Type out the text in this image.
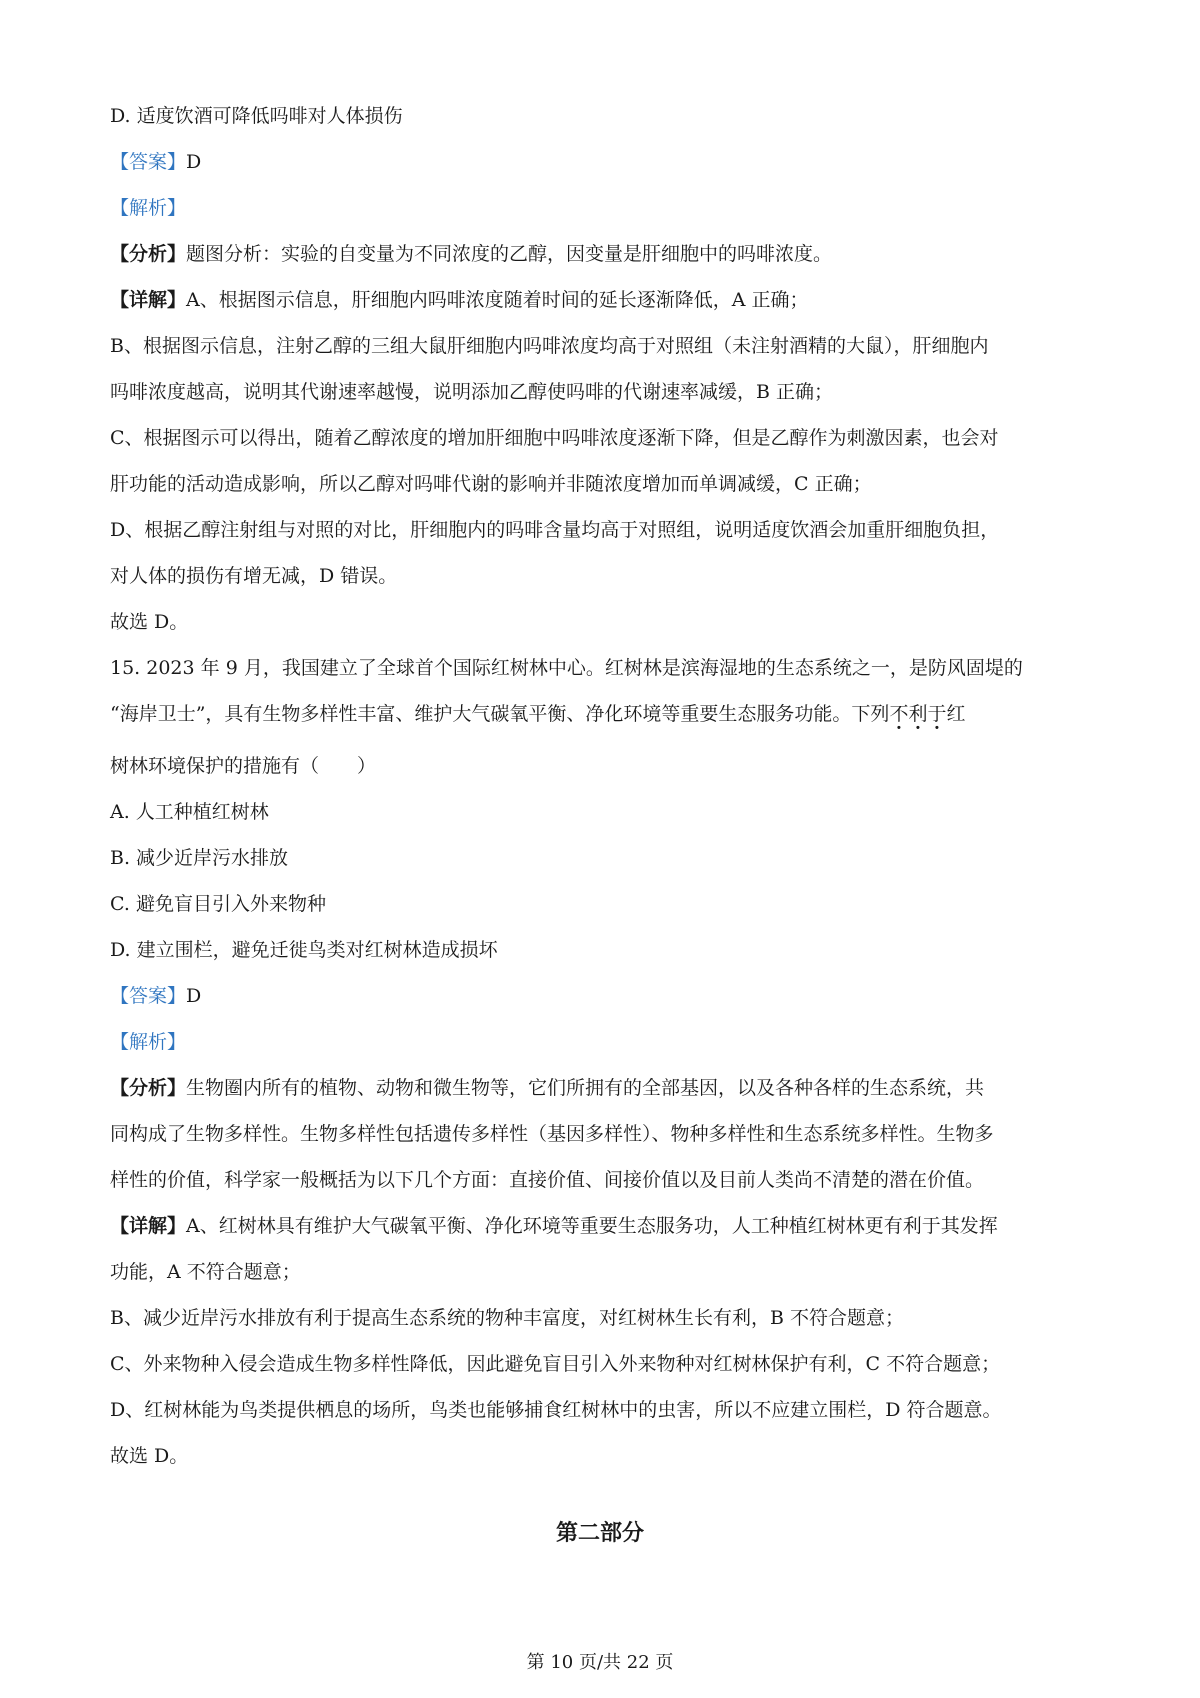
D. 适度饮酒可降低吗啡对人体损伤
【答案】D
【解析】
【分析】题图分析：实验的自变量为不同浓度的乙醇，因变量是肝细胞中的吗啡浓度。
【详解】A、根据图示信息，肝细胞内吗啡浓度随着时间的延长逐渐降低，A 正确；
B、根据图示信息，注射乙醇的三组大鼠肝细胞内吗啡浓度均高于对照组（未注射酒精的大鼠），肝细胞内
吗啡浓度越高，说明其代谢速率越慢，说明添加乙醇使吗啡的代谢速率减缓，B 正确；
C、根据图示可以得出，随着乙醇浓度的增加肝细胞中吗啡浓度逐渐下降，但是乙醇作为刺激因素，也会对
肝功能的活动造成影响，所以乙醇对吗啡代谢的影响并非随浓度增加而单调减缓，C 正确；
D、根据乙醇注射组与对照的对比，肝细胞内的吗啡含量均高于对照组，说明适度饮酒会加重肝细胞负担，
对人体的损伤有增无减，D 错误。
故选 D。
15. 2023 年 9 月，我国建立了全球首个国际红树林中心。红树林是滨海湿地的生态系统之一，是防风固堤的
“海岸卫士”，具有生物多样性丰富、维护大气碳氧平衡、净化环境等重要生态服务功能。下列不利于红
树林环境保护的措施有（　　）
A. 人工种植红树林
B. 减少近岸污水排放
C. 避免盲目引入外来物种
D. 建立围栏，避免迁徙鸟类对红树林造成损坏
【答案】D
【解析】
【分析】生物圈内所有的植物、动物和微生物等，它们所拥有的全部基因，以及各种各样的生态系统，共
同构成了生物多样性。生物多样性包括遗传多样性（基因多样性）、物种多样性和生态系统多样性。生物多
样性的价值，科学家一般概括为以下几个方面：直接价值、间接价值以及目前人类尚不清楚的潜在价值。
【详解】A、红树林具有维护大气碳氧平衡、净化环境等重要生态服务功，人工种植红树林更有利于其发挥
功能，A 不符合题意；
B、减少近岸污水排放有利于提高生态系统的物种丰富度，对红树林生长有利，B 不符合题意；
C、外来物种入侵会造成生物多样性降低，因此避免盲目引入外来物种对红树林保护有利，C 不符合题意；
D、红树林能为鸟类提供栖息的场所，鸟类也能够捕食红树林中的虫害，所以不应建立围栏，D 符合题意。
故选 D。
第二部分
第 10 页/共 22 页
